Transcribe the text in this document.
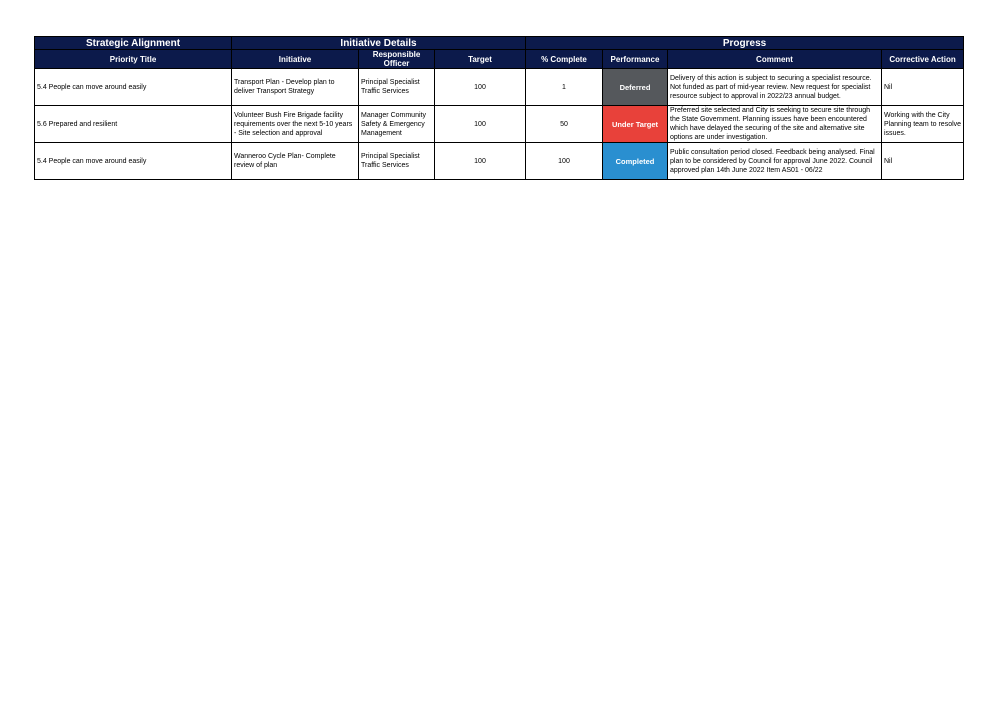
Strategic Alignment	Initiative Details			Progress			
Priority Title	Initiative	Responsible Officer	Target	% Complete	Performance	Comment	Corrective Action
5.4 People can move around easily	Transport Plan - Develop plan to deliver Transport Strategy	Principal Specialist Traffic Services	100	1	Deferred	Delivery of this action is subject to securing a specialist resource. Not funded as part of mid-year review. New request for specialist resource subject to approval in 2022/23 annual budget.	Nil
5.6 Prepared and resilient	Volunteer Bush Fire Brigade facility requirements over the next 5-10 years - Site selection and approval	Manager Community Safety & Emergency Management	100	50	Under Target	Preferred site selected and City is seeking to secure site through the State Government. Planning issues have been encountered which have delayed the securing of the site and alternative site options are under investigation.	Working with the City Planning team to resolve issues.
5.4 People can move around easily	Wanneroo Cycle Plan- Complete review of plan	Principal Specialist Traffic Services	100	100	Completed	Public consultation period closed. Feedback being analysed. Final plan to be considered by Council for approval June 2022. Council approved plan 14th June 2022 Item AS01 - 06/22	Nil
